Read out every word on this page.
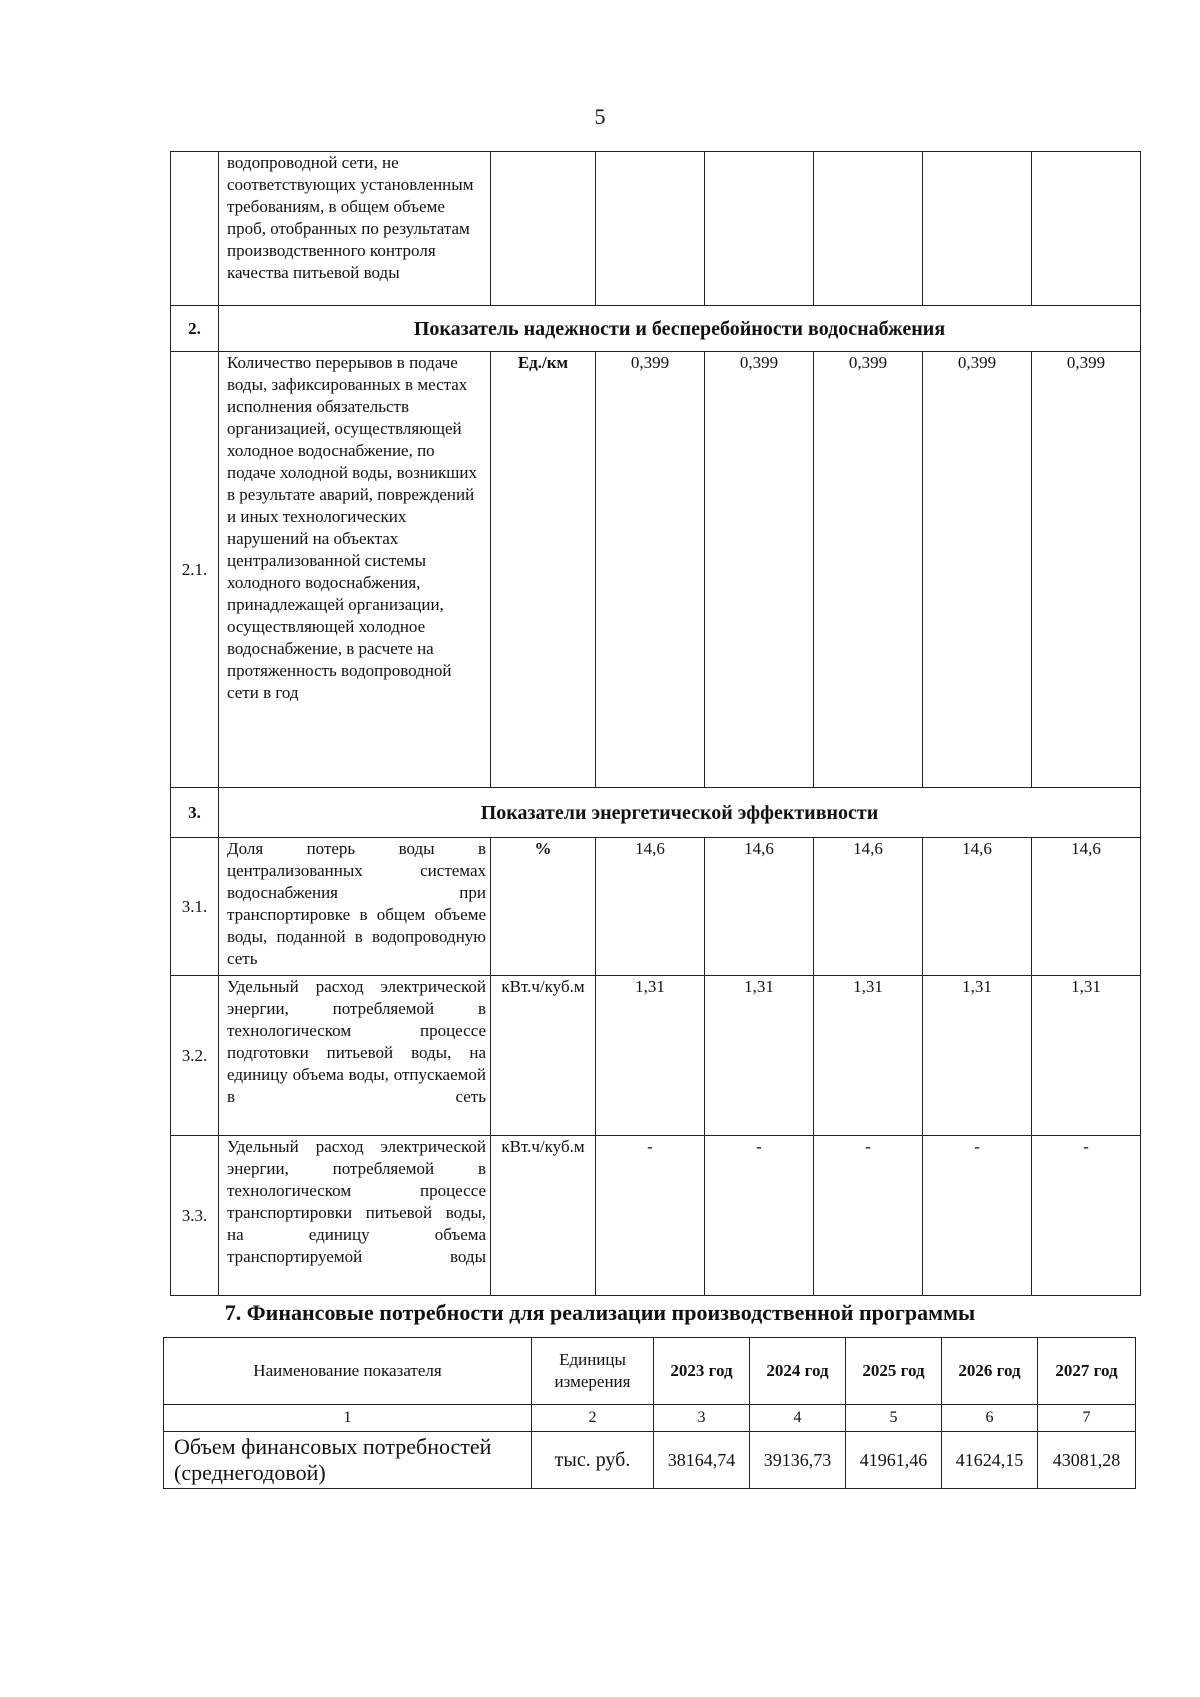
5
	водопроводной сети, не соответствующих установленным требованиям, в общем объеме проб, отобранных по результатам производственного контроля качества питьевой воды						
2.	Показатель надежности и бесперебойности водоснабжения						
2.1.	Количество перерывов в подаче воды, зафиксированных в местах исполнения обязательств организацией, осуществляющей холодное водоснабжение, по подаче холодной воды, возникших в результате аварий, повреждений и иных технологических нарушений на объектах централизованной системы холодного водоснабжения, принадлежащей организации, осуществляющей холодное водоснабжение, в расчете на протяженность водопроводной сети в год	Ед./км	0,399	0,399	0,399	0,399	0,399
3.	Показатели энергетической эффективности						
3.1.	Доля потерь воды в централизованных системах водоснабжения при транспортировке в общем объеме воды, поданной в водопроводную сеть	%	14,6	14,6	14,6	14,6	14,6
3.2.	Удельный расход электрической энергии, потребляемой в технологическом процессе подготовки питьевой воды, на единицу объема воды, отпускаемой в сеть	кВт.ч/куб.м	1,31	1,31	1,31	1,31	1,31
3.3.	Удельный расход электрической энергии, потребляемой в технологическом процессе транспортировки питьевой воды, на единицу объема транспортируемой воды	кВт.ч/куб.м	-	-	-	-	-
7. Финансовые потребности для реализации производственной программы
Наименование показателя	Единицы измерения	2023 год	2024 год	2025 год	2026 год	2027 год
1	2	3	4	5	6	7
Объем финансовых потребностей (среднегодовой)	тыс. руб.	38164,74	39136,73	41961,46	41624,15	43081,28
